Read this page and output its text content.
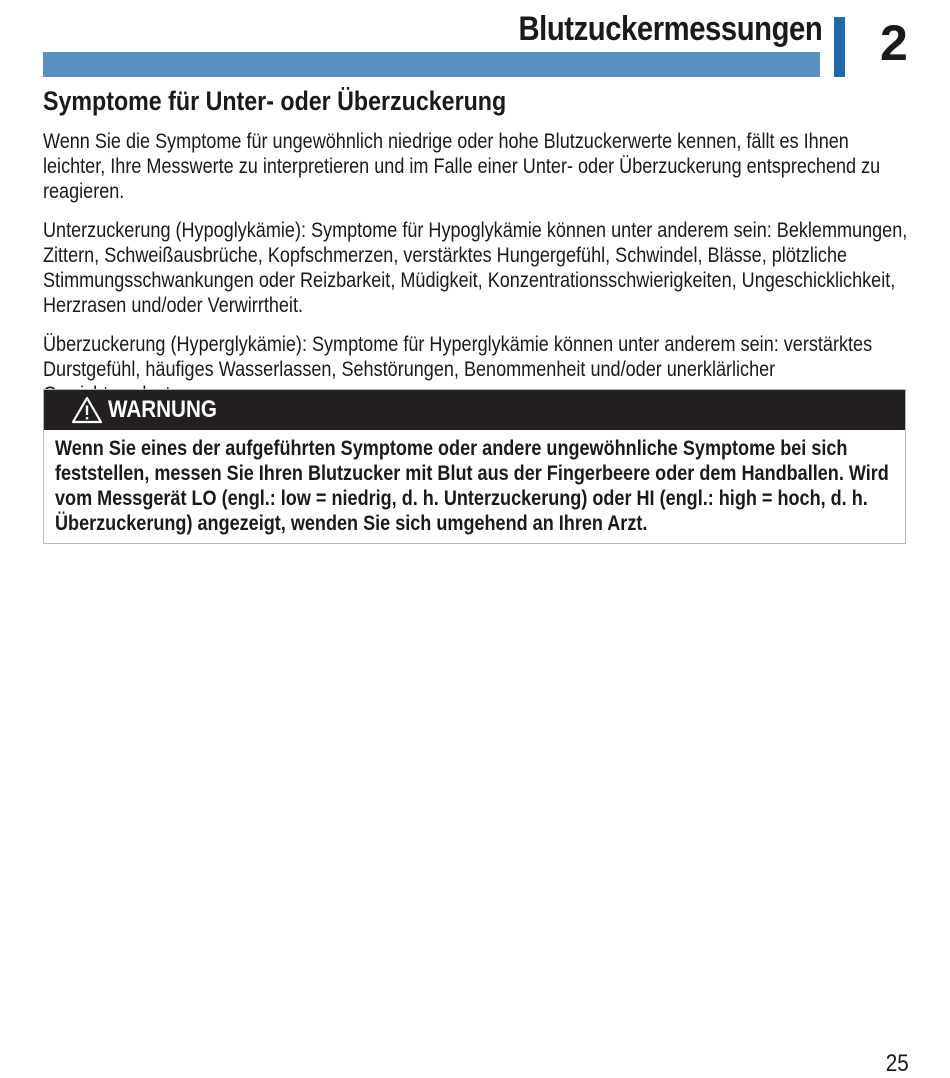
Blutzuckermessungen 2
Symptome für Unter- oder Überzuckerung

Wenn Sie die Symptome für ungewöhnlich niedrige oder hohe Blutzuckerwerte kennen, fällt es Ihnen leichter, Ihre Messwerte zu interpretieren und im Falle einer Unter- oder Überzuckerung entsprechend zu reagieren.

Unterzuckerung (Hypoglykämie): Symptome für Hypoglykämie können unter anderem sein: Beklemmungen, Zittern, Schweißausbrüche, Kopfschmerzen, verstärktes Hungergefühl, Schwindel, Blässe, plötzliche Stimmungsschwankungen oder Reizbarkeit, Müdigkeit, Konzentrationsschwierigkeiten, Ungeschicklichkeit, Herzrasen und/oder Verwirrtheit.

Überzuckerung (Hyperglykämie): Symptome für Hyperglykämie können unter anderem sein: verstärktes Durstgefühl, häufiges Wasserlassen, Sehstörungen, Benommenheit und/oder unerklärlicher

WARNUNG

Wenn Sie eines der aufgeführten Symptome oder andere ungewöhnliche Symptome bei sich feststellen, messen Sie Ihren Blutzucker mit Blut aus der Fingerbeere oder dem Handballen. Wird vom Messgerät LO (engl.: low = niedrig, d. h. Unterzuckerung) oder HI (engl.: high = hoch, d. h. Überzuckerung) angezeigt, wenden Sie sich umgehend an Ihren Arzt.

25
